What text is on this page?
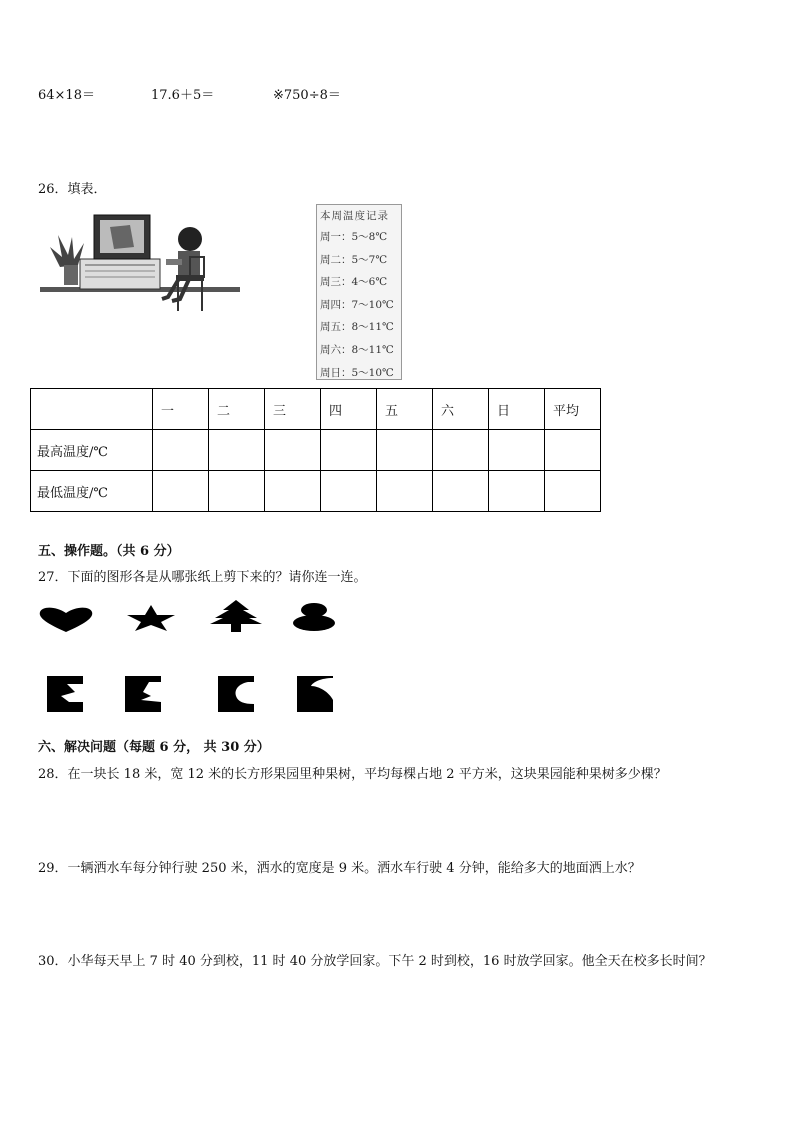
64×18＝	17.6＋5＝	※750÷8＝
26．填表．
本周温度记录
周一：5～8℃
周二：5～7℃
周三：4～6℃
周四：7～10℃
周五：8～11℃
周六：8～11℃
周日：5～10℃
	一	二	三	四	五	六	日	平均
最高温度/℃								
最低温度/℃								
五、操作题。（共 6 分）
27．下面的图形各是从哪张纸上剪下来的？请你连一连。
六、解决问题（每题 6 分， 共 30 分）
28．在一块长 18 米，宽 12 米的长方形果园里种果树，平均每棵占地 2 平方米，这块果园能种果树多少棵？
29．一辆洒水车每分钟行驶 250 米，洒水的宽度是 9 米。洒水车行驶 4 分钟，能给多大的地面洒上水？
30．小华每天早上 7 时 40 分到校，11 时 40 分放学回家。下午 2 时到校，16 时放学回家。他全天在校多长时间？
